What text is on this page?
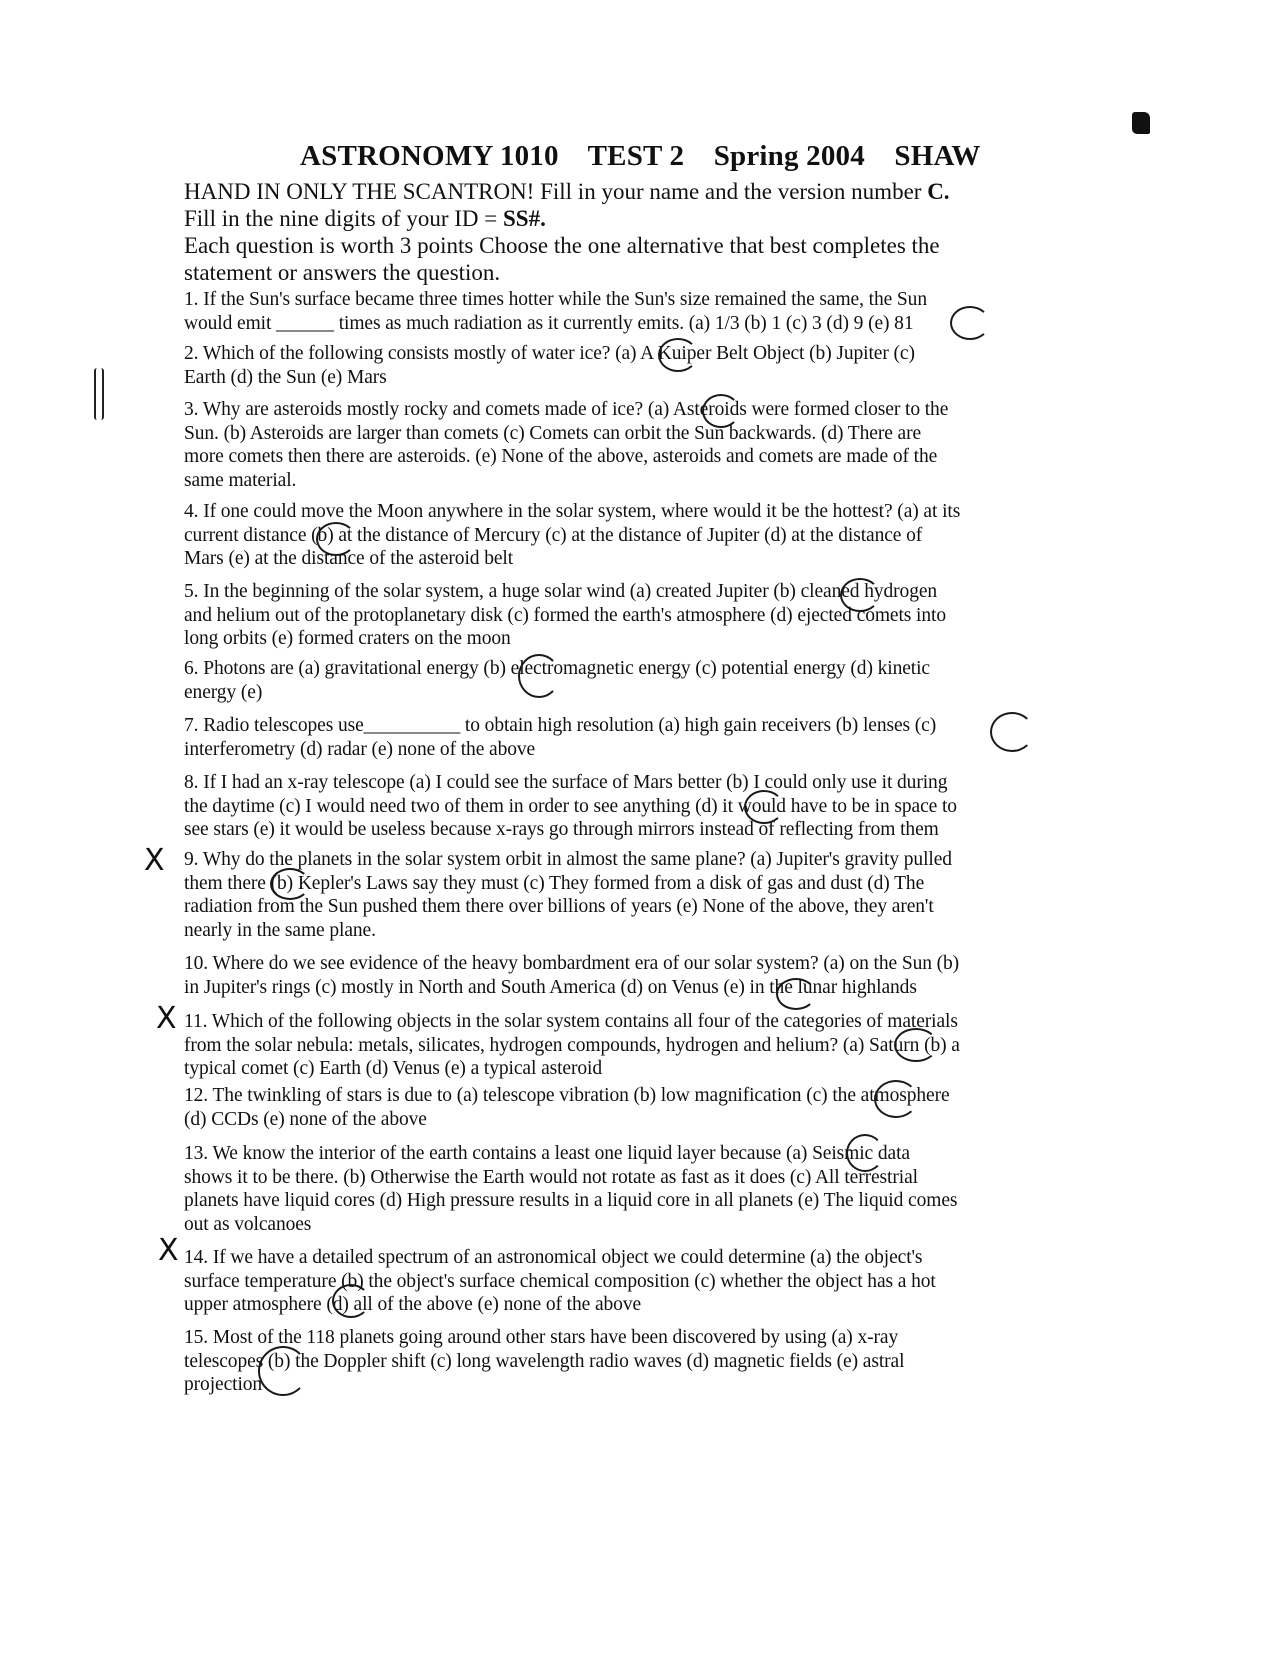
ASTRONOMY 1010 TEST 2 Spring 2004 SHAW
HAND IN ONLY THE SCANTRON! Fill in your name and the version number C.
Fill in the nine digits of your ID = SS#.
Each question is worth 3 points Choose the one alternative that best completes the
statement or answers the question.
1. If the Sun's surface became three times hotter while the Sun's size remained the same, the Sun
would emit ______ times as much radiation as it currently emits. (a) 1/3 (b) 1 (c) 3 (d) 9 (e) 81
2. Which of the following consists mostly of water ice? (a) A Kuiper Belt Object (b) Jupiter (c)
Earth (d) the Sun (e) Mars
3. Why are asteroids mostly rocky and comets made of ice? (a) Asteroids were formed closer to the
Sun. (b) Asteroids are larger than comets (c) Comets can orbit the Sun backwards. (d) There are
more comets then there are asteroids. (e) None of the above, asteroids and comets are made of the
same material.
4. If one could move the Moon anywhere in the solar system, where would it be the hottest? (a) at its
current distance (b) at the distance of Mercury (c) at the distance of Jupiter (d) at the distance of
Mars (e) at the distance of the asteroid belt
5. In the beginning of the solar system, a huge solar wind (a) created Jupiter (b) cleaned hydrogen
and helium out of the protoplanetary disk (c) formed the earth's atmosphere (d) ejected comets into
long orbits (e) formed craters on the moon
6. Photons are (a) gravitational energy (b) electromagnetic energy (c) potential energy (d) kinetic
energy (e)
7. Radio telescopes use__________ to obtain high resolution (a) high gain receivers (b) lenses (c)
interferometry (d) radar (e) none of the above
8. If I had an x-ray telescope (a) I could see the surface of Mars better (b) I could only use it during
the daytime (c) I would need two of them in order to see anything (d) it would have to be in space to
see stars (e) it would be useless because x-rays go through mirrors instead of reflecting from them
9. Why do the planets in the solar system orbit in almost the same plane? (a) Jupiter's gravity pulled
them there (b) Kepler's Laws say they must (c) They formed from a disk of gas and dust (d) The
radiation from the Sun pushed them there over billions of years (e) None of the above, they aren't
nearly in the same plane.
10. Where do we see evidence of the heavy bombardment era of our solar system? (a) on the Sun (b)
in Jupiter's rings (c) mostly in North and South America (d) on Venus (e) in the lunar highlands
11. Which of the following objects in the solar system contains all four of the categories of materials
from the solar nebula: metals, silicates, hydrogen compounds, hydrogen and helium? (a) Saturn (b) a
typical comet (c) Earth (d) Venus (e) a typical asteroid
12. The twinkling of stars is due to (a) telescope vibration (b) low magnification (c) the atmosphere
(d) CCDs (e) none of the above
13. We know the interior of the earth contains a least one liquid layer because (a) Seismic data
shows it to be there. (b) Otherwise the Earth would not rotate as fast as it does (c) All terrestrial
planets have liquid cores (d) High pressure results in a liquid core in all planets (e) The liquid comes
out as volcanoes
14. If we have a detailed spectrum of an astronomical object we could determine (a) the object's
surface temperature (b) the object's surface chemical composition (c) whether the object has a hot
upper atmosphere (d) all of the above (e) none of the above
15. Most of the 118 planets going around other stars have been discovered by using (a) x-ray
telescopes (b) the Doppler shift (c) long wavelength radio waves (d) magnetic fields (e) astral
projection
X
X
X
